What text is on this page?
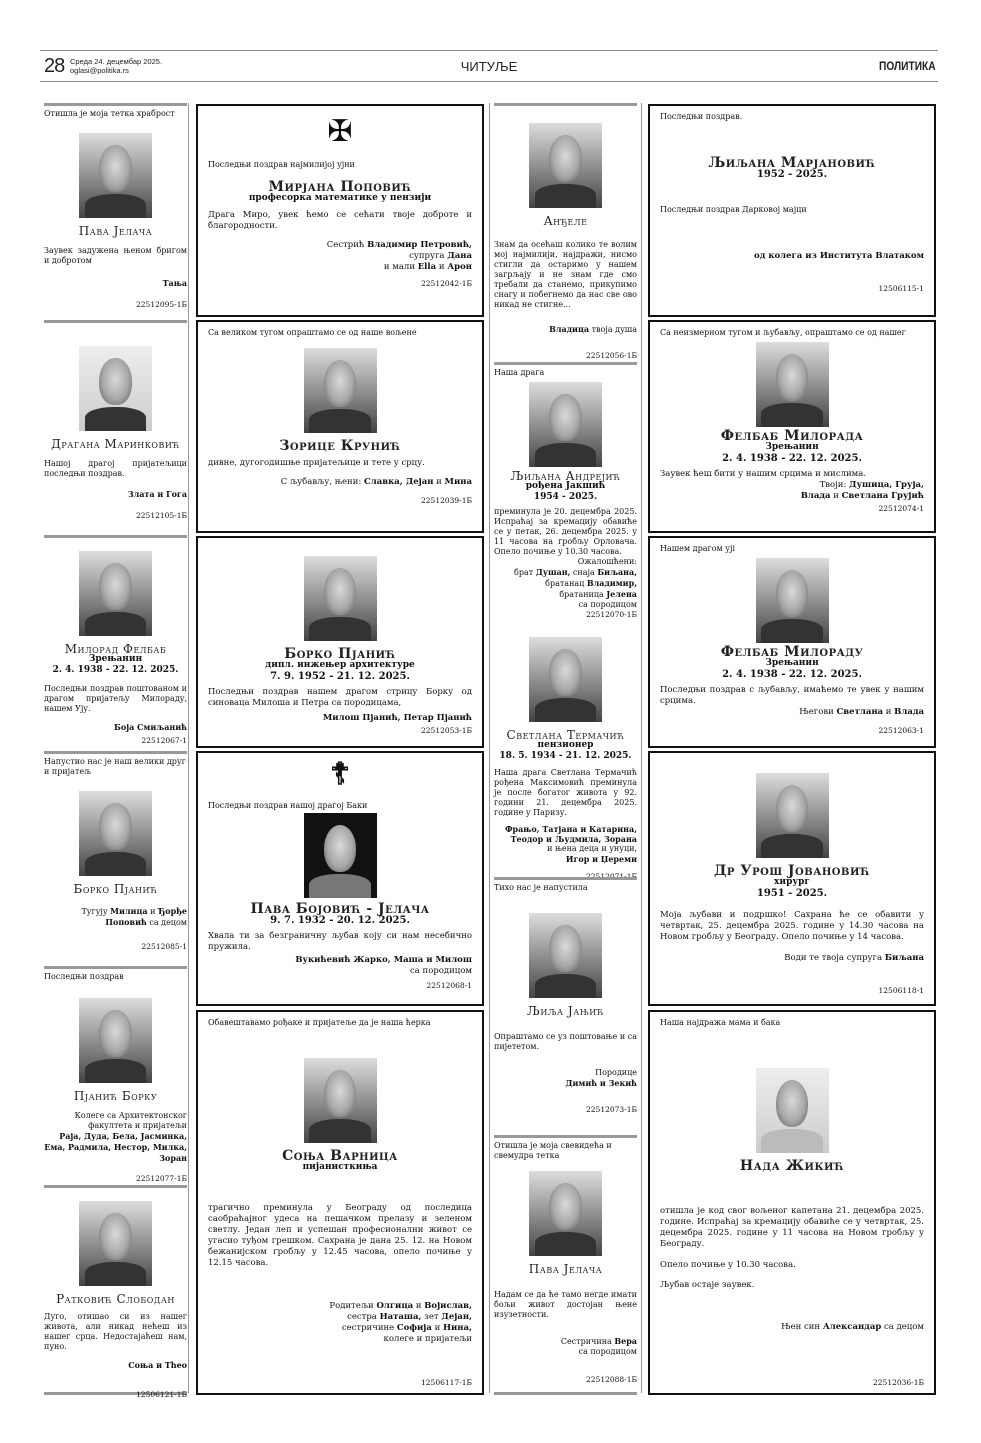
28 Среда 24. децембар 2025.
oglasi@politika.rs	ЧИТУЉЕ	ПОЛИТИКА
Отишла је моја тетка храброст
Пава Јелача
Заувек задужена њеном бригом и добротом
Тања
22512095-1Б
Драгана Маринковић
Нашој драгој пријатељици последњи поздрав.
Злата и Гога
22512105-1Б
Милорад Фелбаб
Зрењанин
2. 4. 1938 - 22. 12. 2025.
Последњи поздрав поштованом и драгом пријатељу Милораду, нашем Ују.
Боја Смиљанић
22512067-1
Напустио нас је наш велики друг и пријатељ
Борко Пјанић
Тугују Милица и Ђорђе
Поповић са децом
22512085-1
Последњи поздрав
Пјанић Борку
Колеге са Архитектонског
факултета и пријатељи
Раја, Дуда, Бела, Јасминка, Ема, Радмила, Нестор, Милка, Зоран
22512077-1Б
Ратковић Слободан
Дуго, отишао си из нашег живота, али никад нећеш из нашег срца. Недостајаћеш нам, пуно.
Соња и Theo
12506121-1Б
✠
Последњи поздрав најмилијој ујни
Мирјана Поповић
професорка математике у пензији
Драга Миро, увек ћемо се сећати твоје доброте и благородности.
Сестрић Владимир Петровић,
супруга Дана
и мали Ella и Арон
22512042-1Б
Са великом тугом опраштамо се од наше вољене
Зорице Крунић
дивне, дугогодишње пријатељице и тете у срцу.
С љубављу, њени: Славка, Дејан и Мина
22512039-1Б
Борко Пјанић
дипл. инжењер архитектуре
7. 9. 1952 - 21. 12. 2025.
Последњи поздрав нашем драгом стрицу Борку од синоваца Милоша и Петра са породицама,
Милош Пјанић, Петар Пјанић
22512053-1Б
☦
Последњи поздрав нашој драгој Баки
Пава Бојовић - Јелача
9. 7. 1932 - 20. 12. 2025.
Хвала ти за безграничну љубав коју си нам несебично пружила.
Вукићевић Жарко, Маша и Милош
са породицом
22512068-1
Обавештавамо рођаке и пријатеље да је наша ћерка
Соња Варница
пијанисткиња
трагично преминула у Београду од последица саобраћајног удеса на пешачком прелазу и зеленом светлу. Један леп и успешан професионални живот се угасио туђом грешком. Сахрана је дана 25. 12. на Новом бежанијском гробљу у 12.45 часова, опело почиње у 12.15 часова.
Родитељи Олгица и Војислав,
сестра Наташа, зет Дејан,
сестричине Софија и Нина,
колеге и пријатељи
12506117-1Б
Анђеле
Знам да осећаш колико те волим мој најмилији, најдражи, нисмо стигли да остаримо у нашем загрљају и не знам где смо требали да станемо, прикупимо снагу и побегнемо да нас све ово никад не стигне...
Владица твоја душа
22512056-1Б
Наша драга
Љиљана Андрејић
рођена Јакшић
1954 - 2025.
преминула је 20. децембра 2025. Испраћај за кремацију обавиће се у петак, 26. децембра 2025. у 11 часова на гробљу Орловача. Опело почиње у 10.30 часова.
Ожалошћени:
брат Душан, снаја Биљана,
братанац Владимир,
братаница Јелена
са породицом
22512070-1Б
Светлана Термачић
пензионер
18. 5. 1934 - 21. 12. 2025.
Наша драга Светлана Термачић рођена Максимовић преминула је после богатог живота у 92. години 21. децембра 2025. године у Паризу.
Фрањо, Татјана и Катарина,
Теодор и Људмила, Зорана
и њена деца и унуци,
Игор и Џереми
22512071-1Б
Тихо нас је напустила
Љиља Јањић
Опраштамо се уз поштовање и са пијететом.
Породице
Димић и Зекић
22512073-1Б
Отишла је моја свевидећа и свемудра тетка
Пава Јелача
Надам се да ће тамо негде имати бољи живот достојан њене изузетности.
Сестричина Вера
са породицом
22512088-1Б
Последњи поздрав.
Љиљана Марјановић
1952 - 2025.
Последњи поздрав Дарковој мајци
од колега из Института Влатаком
12506115-1
Са неизмерном тугом и љубављу, опраштамо се од нашег
Фелбаб Милорада
Зрењанин
2. 4. 1938 - 22. 12. 2025.
Заувек ћеш бити у нашим срцима и мислима.
Твоји: Душица, Груја,
Влада и Светлана Грујић
22512074-1
Нашем драгом ујi
Фелбаб Милораду
Зрењанин
2. 4. 1938 - 22. 12. 2025.
Последњи поздрав с љубављу, имаћемо те увек у нашим срцима.
Његови Светлана и Влада
22512063-1
Др Урош Јовановић
хирург
1951 - 2025.
Моја љубави и подршко! Сахрана ће се обавити у четвртак, 25. децембра 2025. године у 14.30 часова на Новом гробљу у Београду. Опело почиње у 14 часова.
Води те твоја супруга Биљана
12506118-1
Наша најдража мама и бака
Нада Жикић
отишла је код свог вољеног капетана 21. децембра 2025. године. Испраћај за кремацију обавиће се у четвртак, 25. децембра 2025. године у 11 часова на Новом гробљу у Београду.
Опело почиње у 10.30 часова.
Љубав остаје заувек.
Њен син Александар са децом
22512036-1Б
